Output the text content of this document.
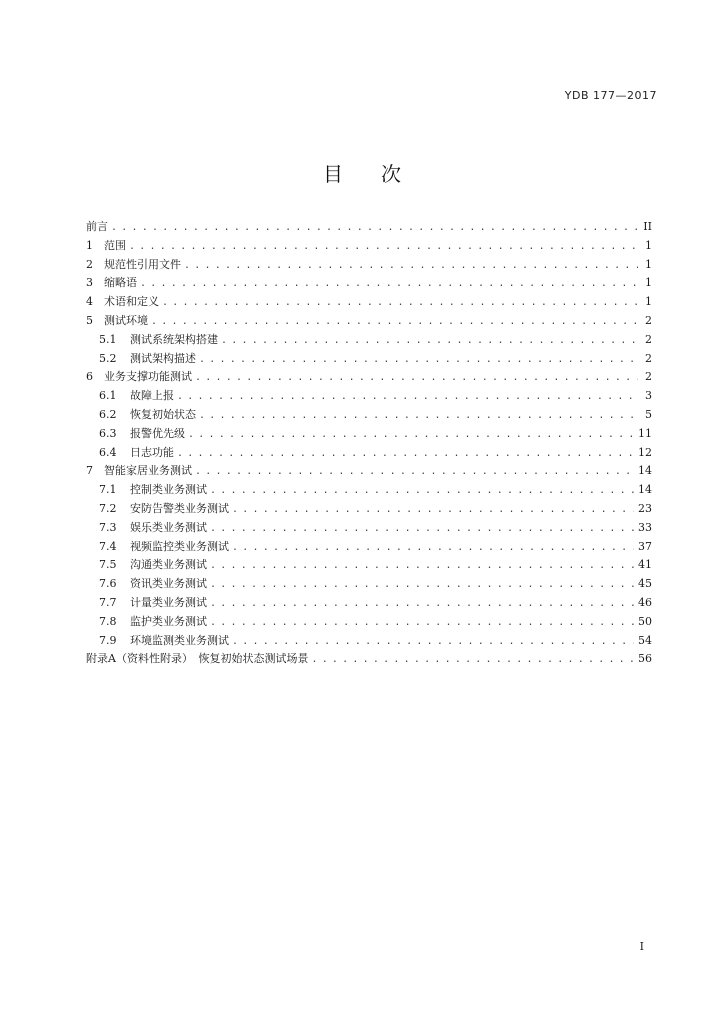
YDB 177—2017
目 次
前言 . . .	II
1 范围 . . .	1
2 规范性引用文件 . . .	1
3 缩略语 . . .	1
4 术语和定义 . . .	1
5 测试环境 . . .	2
5.1 测试系统架构搭建 . . .	2
5.2 测试架构描述 . . .	2
6 业务支撑功能测试 . . .	2
6.1 故障上报 . . .	3
6.2 恢复初始状态 . . .	5
6.3 报警优先级 . . .	11
6.4 日志功能 . . .	12
7 智能家居业务测试 . . .	14
7.1 控制类业务测试 . . .	14
7.2 安防告警类业务测试 . . .	23
7.3 娱乐类业务测试 . . .	33
7.4 视频监控类业务测试 . . .	37
7.5 沟通类业务测试 . . .	41
7.6 资讯类业务测试 . . .	45
7.7 计量类业务测试 . . .	46
7.8 监护类业务测试 . . .	50
7.9 环境监测类业务测试 . . .	54
附录A（资料性附录）　恢复初始状态测试场景 . . .	56
I
